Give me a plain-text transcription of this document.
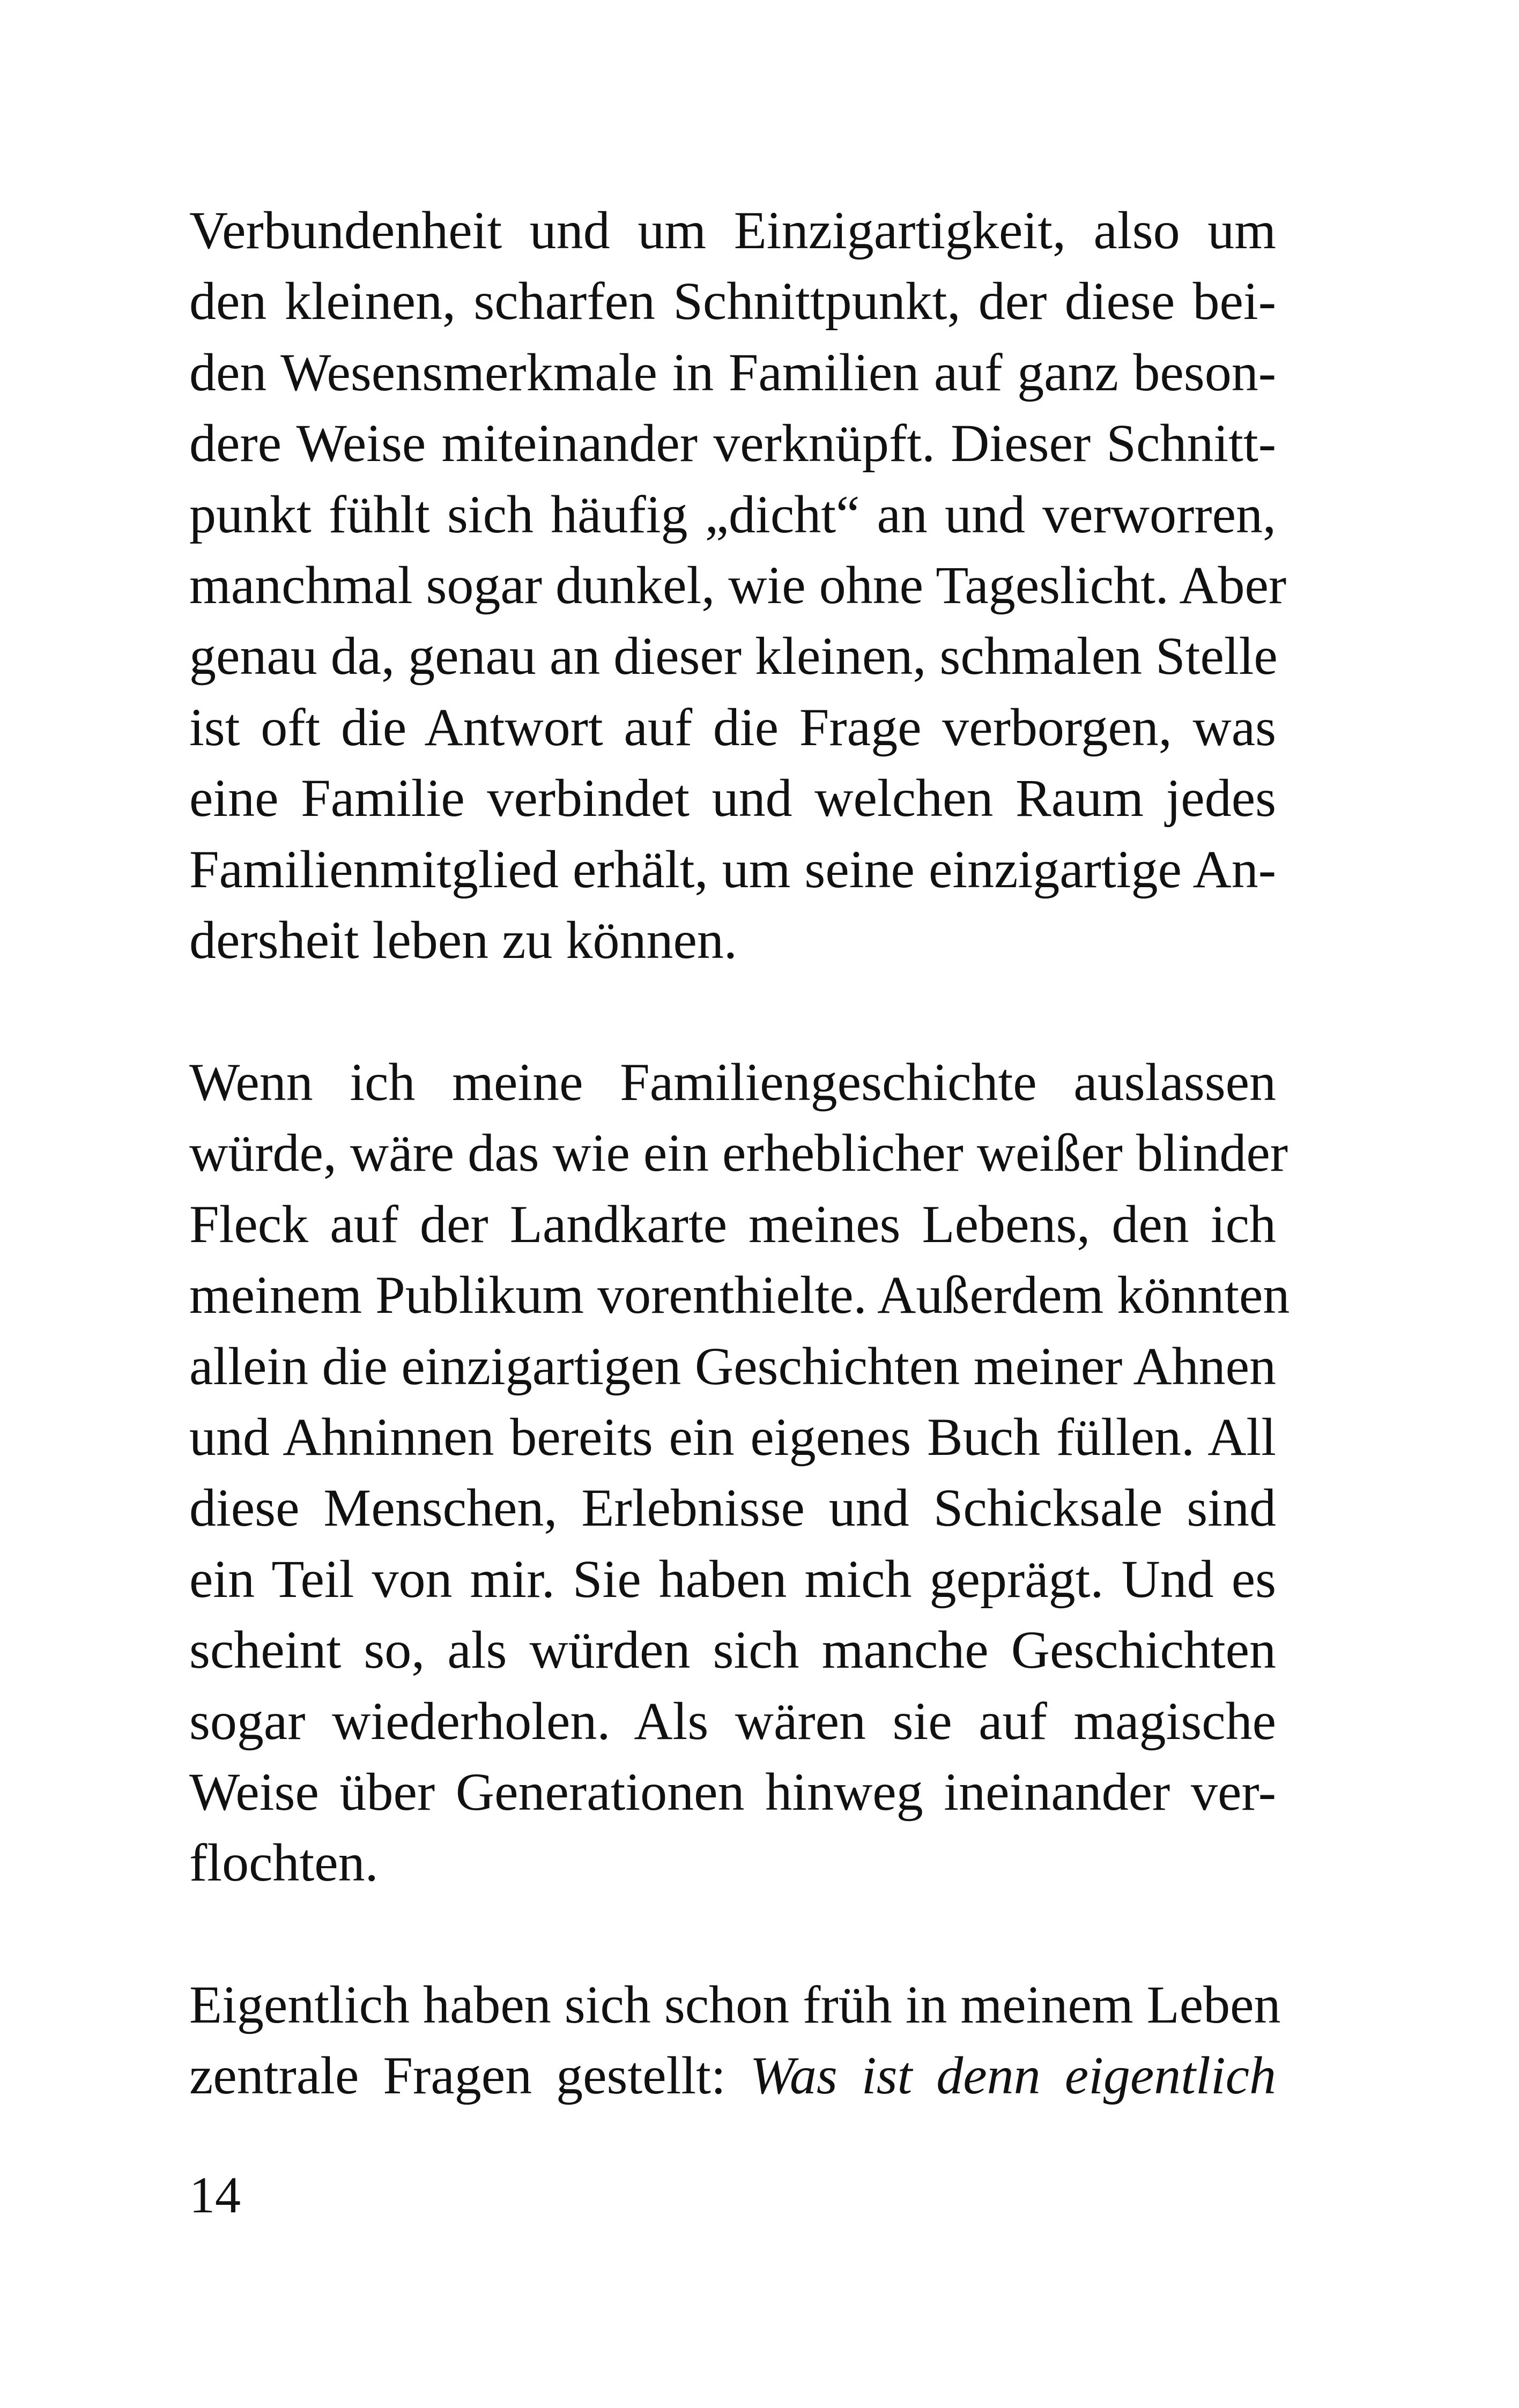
Verbundenheit und um Einzigartigkeit, also um
den kleinen, scharfen Schnittpunkt, der diese bei-
den Wesensmerkmale in Familien auf ganz beson-
dere Weise miteinander verknüpft. Dieser Schnitt-
punkt fühlt sich häufig „dicht“ an und verworren,
manchmal sogar dunkel, wie ohne Tageslicht. Aber
genau da, genau an dieser kleinen, schmalen Stelle
ist oft die Antwort auf die Frage verborgen, was
eine Familie verbindet und welchen Raum jedes
Familienmitglied erhält, um seine einzigartige An-
dersheit leben zu können.
Wenn ich meine Familiengeschichte auslassen
würde, wäre das wie ein erheblicher weißer blinder
Fleck auf der Landkarte meines Lebens, den ich
meinem Publikum vorenthielte. Außerdem könnten
allein die einzigartigen Geschichten meiner Ahnen
und Ahninnen bereits ein eigenes Buch füllen. All
diese Menschen, Erlebnisse und Schicksale sind
ein Teil von mir. Sie haben mich geprägt. Und es
scheint so, als würden sich manche Geschichten
sogar wiederholen. Als wären sie auf magische
Weise über Generationen hinweg ineinander ver-
flochten.
Eigentlich haben sich schon früh in meinem Leben
zentrale Fragen gestellt: Was ist denn eigentlich
14
